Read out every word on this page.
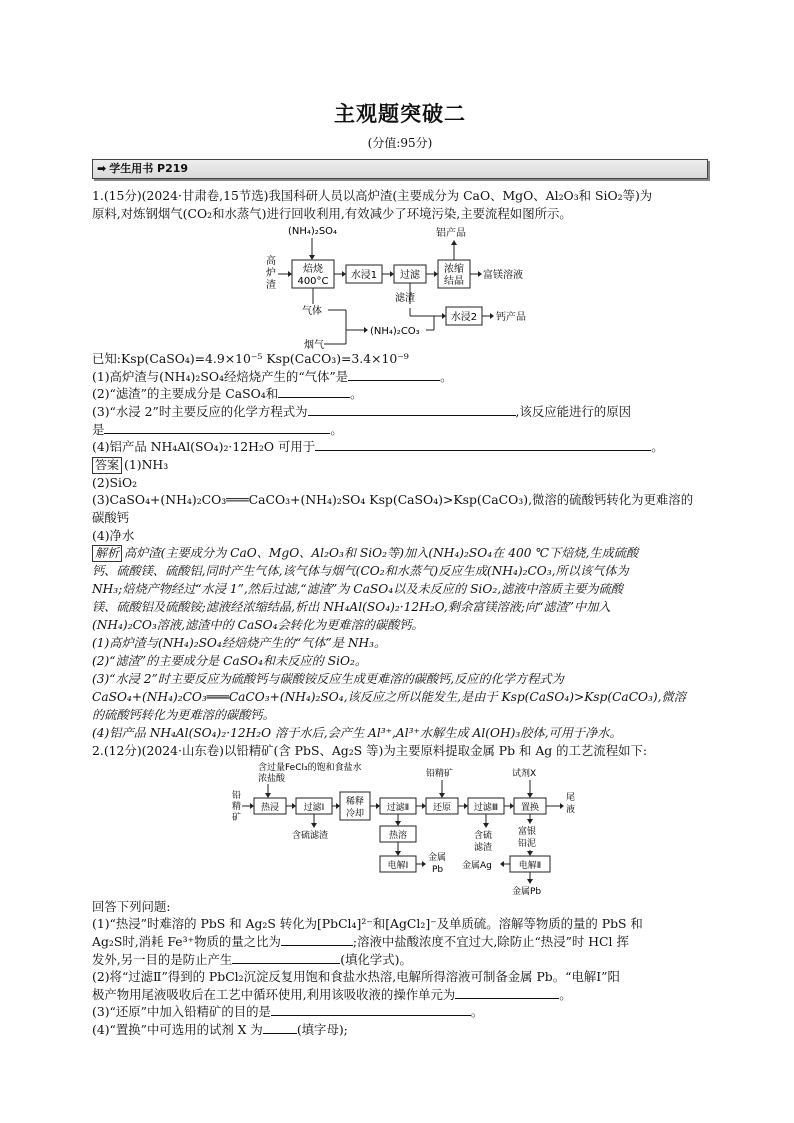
主观题突破二
(分值:95分)
➡ 学生用书 P219

1.(15分)(2024·甘肃卷,15节选)我国科研人员以高炉渣(主要成分为 CaO、MgO、Al₂O₃和 SiO₂等)为

原料,对炼钢烟气(CO₂和水蒸气)进行回收利用,有效减少了环境污染,主要流程如图所示。

(NH₄)₂SO₄
高
炉
渣
焙烧
400°C
水浸1 过滤
铝产品
浓缩
结晶
富镁溶液
滤渣
水浸2 钙产品
气体
(NH₄)₂CO₃
烟气

已知:Ksp(CaSO₄)=4.9×10⁻⁵ Ksp(CaCO₃)=3.4×10⁻⁹

(1)高炉渣与(NH₄)₂SO₄经焙烧产生的“气体”是	。

(2)“滤渣”的主要成分是 CaSO₄和	。

(3)“水浸 2”时主要反应的化学方程式为	,该反应能进行的原因

是	。

(4)铝产品 NH₄Al(SO₄)₂·12H₂O 可用于	。

答案 (1)NH₃

(2)SiO₂

(3)CaSO₄+(NH₄)₂CO₃═══CaCO₃+(NH₄)₂SO₄ Ksp(CaSO₄)>Ksp(CaCO₃),微溶的硫酸钙转化为更难溶的

碳酸钙

(4)净水

解析 高炉渣(主要成分为 CaO、MgO、Al₂O₃和 SiO₂等)加入(NH₄)₂SO₄在 400 ℃下焙烧,生成硫酸

钙、硫酸镁、硫酸铝,同时产生气体,该气体与烟气(CO₂和水蒸气)反应生成(NH₄)₂CO₃,所以该气体为

NH₃;焙烧产物经过“水浸 1”,然后过滤,“滤渣”为 CaSO₄以及未反应的 SiO₂,滤液中溶质主要为硫酸

镁、硫酸铝及硫酸铵;滤液经浓缩结晶,析出 NH₄Al(SO₄)₂·12H₂O,剩余富镁溶液;向“滤渣”中加入

(NH₄)₂CO₃溶液,滤渣中的 CaSO₄会转化为更难溶的碳酸钙。

(1)高炉渣与(NH₄)₂SO₄经焙烧产生的“气体”是 NH₃。

(2)“滤渣”的主要成分是 CaSO₄和未反应的 SiO₂。

(3)“水浸 2”时主要反应为硫酸钙与碳酸铵反应生成更难溶的碳酸钙,反应的化学方程式为

CaSO₄+(NH₄)₂CO₃═══CaCO₃+(NH₄)₂SO₄,该反应之所以能发生,是由于 Ksp(CaSO₄)>Ksp(CaCO₃),微溶

的硫酸钙转化为更难溶的碳酸钙。

(4)铝产品 NH₄Al(SO₄)₂·12H₂O 溶于水后,会产生 Al³⁺,Al³⁺水解生成 Al(OH)₃胶体,可用于净水。

2.(12分)(2024·山东卷)以铅精矿(含 PbS、Ag₂S 等)为主要原料提取金属 Pb 和 Ag 的工艺流程如下:

含过量FeCl₃的饱和食盐水
浓盐酸
铅
精
矿
热浸	过滤Ⅰ
含硫滤渣
稀释
冷却
过滤Ⅱ	还原
铅精矿
过滤Ⅲ	置换
试剂X
尾
液
热溶
电解Ⅰ
金属
Pb
含硫
滤渣
富银
铅泥
电解Ⅱ
金属Ag
金属Pb

回答下列问题:

(1)“热浸”时难溶的 PbS 和 Ag₂S 转化为[PbCl₄]²⁻和[AgCl₂]⁻及单质硫。溶解等物质的量的 PbS 和

Ag₂S时,消耗 Fe³⁺物质的量之比为	;溶液中盐酸浓度不宜过大,除防止“热浸”时 HCl 挥

发外,另一目的是防止产生	(填化学式)。

(2)将“过滤Ⅱ”得到的 PbCl₂沉淀反复用饱和食盐水热溶,电解所得溶液可制备金属 Pb。“电解Ⅰ”阳

极产物用尾液吸收后在工艺中循环使用,利用该吸收液的操作单元为	。

(3)“还原”中加入铅精矿的目的是	。

(4)“置换”中可选用的试剂 X 为	(填字母);
